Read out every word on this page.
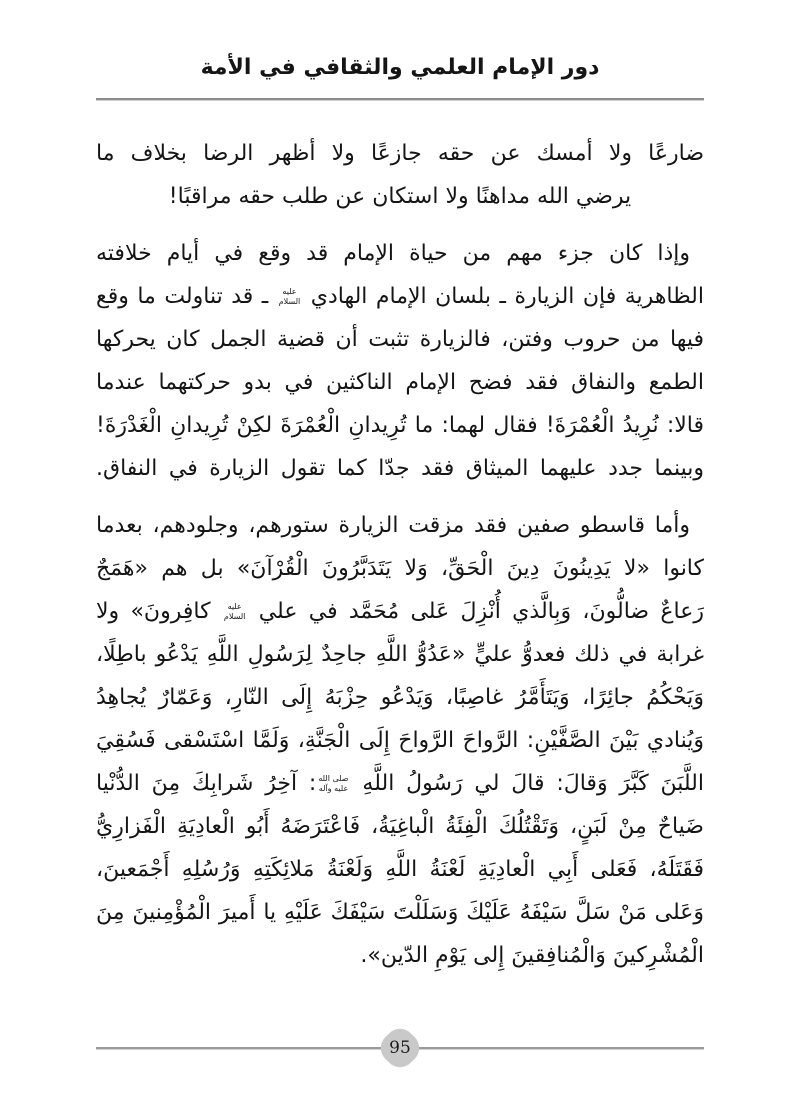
دور الإمام العلمي والثقافي في الأمة
ضارعًا ولا أمسك عن حقه جازعًا ولا أظهر الرضا بخلاف ما
يرضي الله مداهنًا ولا استكان عن طلب حقه مراقبًا!
وإذا كان جزء مهم من حياة الإمام قد وقع في أيام خلافته
الظاهرية فإن الزيارة ـ بلسان الإمام الهادي
عليه
السلام
ـ قد تناولت ما وقع
فيها من حروب وفتن، فالزيارة تثبت أن قضية الجمل كان يحركها
الطمع والنفاق فقد فضح الإمام الناكثين في بدو حركتهما عندما
قالا: نُرِيدُ الْعُمْرَةَ! فقال لهما: ما تُرِيدانِ الْعُمْرَةَ لكِنْ تُرِيدانِ الْغَدْرَةَ!
وبينما جدد عليهما الميثاق فقد جدّا كما تقول الزيارة في النفاق.
وأما قاسطو صفين فقد مزقت الزيارة ستورهم، وجلودهم، بعدما
كانوا «لا يَدِينُونَ دِينَ الْحَقِّ، وَلا يَتَدَبَّرُونَ الْقُرْآنَ» بل هم «هَمَجٌ
رَعاعٌ ضالُّونَ، وَبِالَّذي أُنْزِلَ عَلى مُحَمَّد في علي
عليه
السلام
كافِرونَ» ولا
غرابة في ذلك فعدوُّ عليٍّ «عَدُوُّ اللَّهِ جاحِدٌ لِرَسُولِ اللَّهِ يَدْعُو باطِلًا،
وَيَحْكُمُ جائِرًا، وَيَتَأَمَّرُ غاصِبًا، وَيَدْعُو حِزْبَهُ إِلَى النّارِ، وَعَمّارٌ يُجاهِدُ
وَيُنادي بَيْنَ الصَّفَّيْنِ: الرَّواحَ الرَّواحَ إِلَى الْجَنَّةِ، وَلَمَّا اسْتَسْقى فَسُقِيَ
اللَّبَنَ كَبَّرَ وَقالَ: قالَ لي رَسُولُ اللَّهِ
صلى الله
عليه وآله
: آخِرُ شَرابِكَ مِنَ الدُّنْيا
ضَياحٌ مِنْ لَبَنٍ، وَتَقْتُلُكَ الْفِئَةُ الْباغِيَةُ، فَاعْتَرَضَهُ أَبُو الْعادِيَةِ الْفَزارِيُّ
فَقَتَلَهُ، فَعَلى أَبِي الْعادِيَةِ لَعْنَةُ اللَّهِ وَلَعْنَةُ مَلائِكَتِهِ وَرُسُلِهِ أَجْمَعينَ،
وَعَلى مَنْ سَلَّ سَيْفَهُ عَلَيْكَ وَسَلَلْتَ سَيْفَكَ عَلَيْهِ يا أَميرَ الْمُؤْمِنينَ مِنَ
الْمُشْرِكينَ وَالْمُنافِقينَ إِلى يَوْمِ الدّين».
95
